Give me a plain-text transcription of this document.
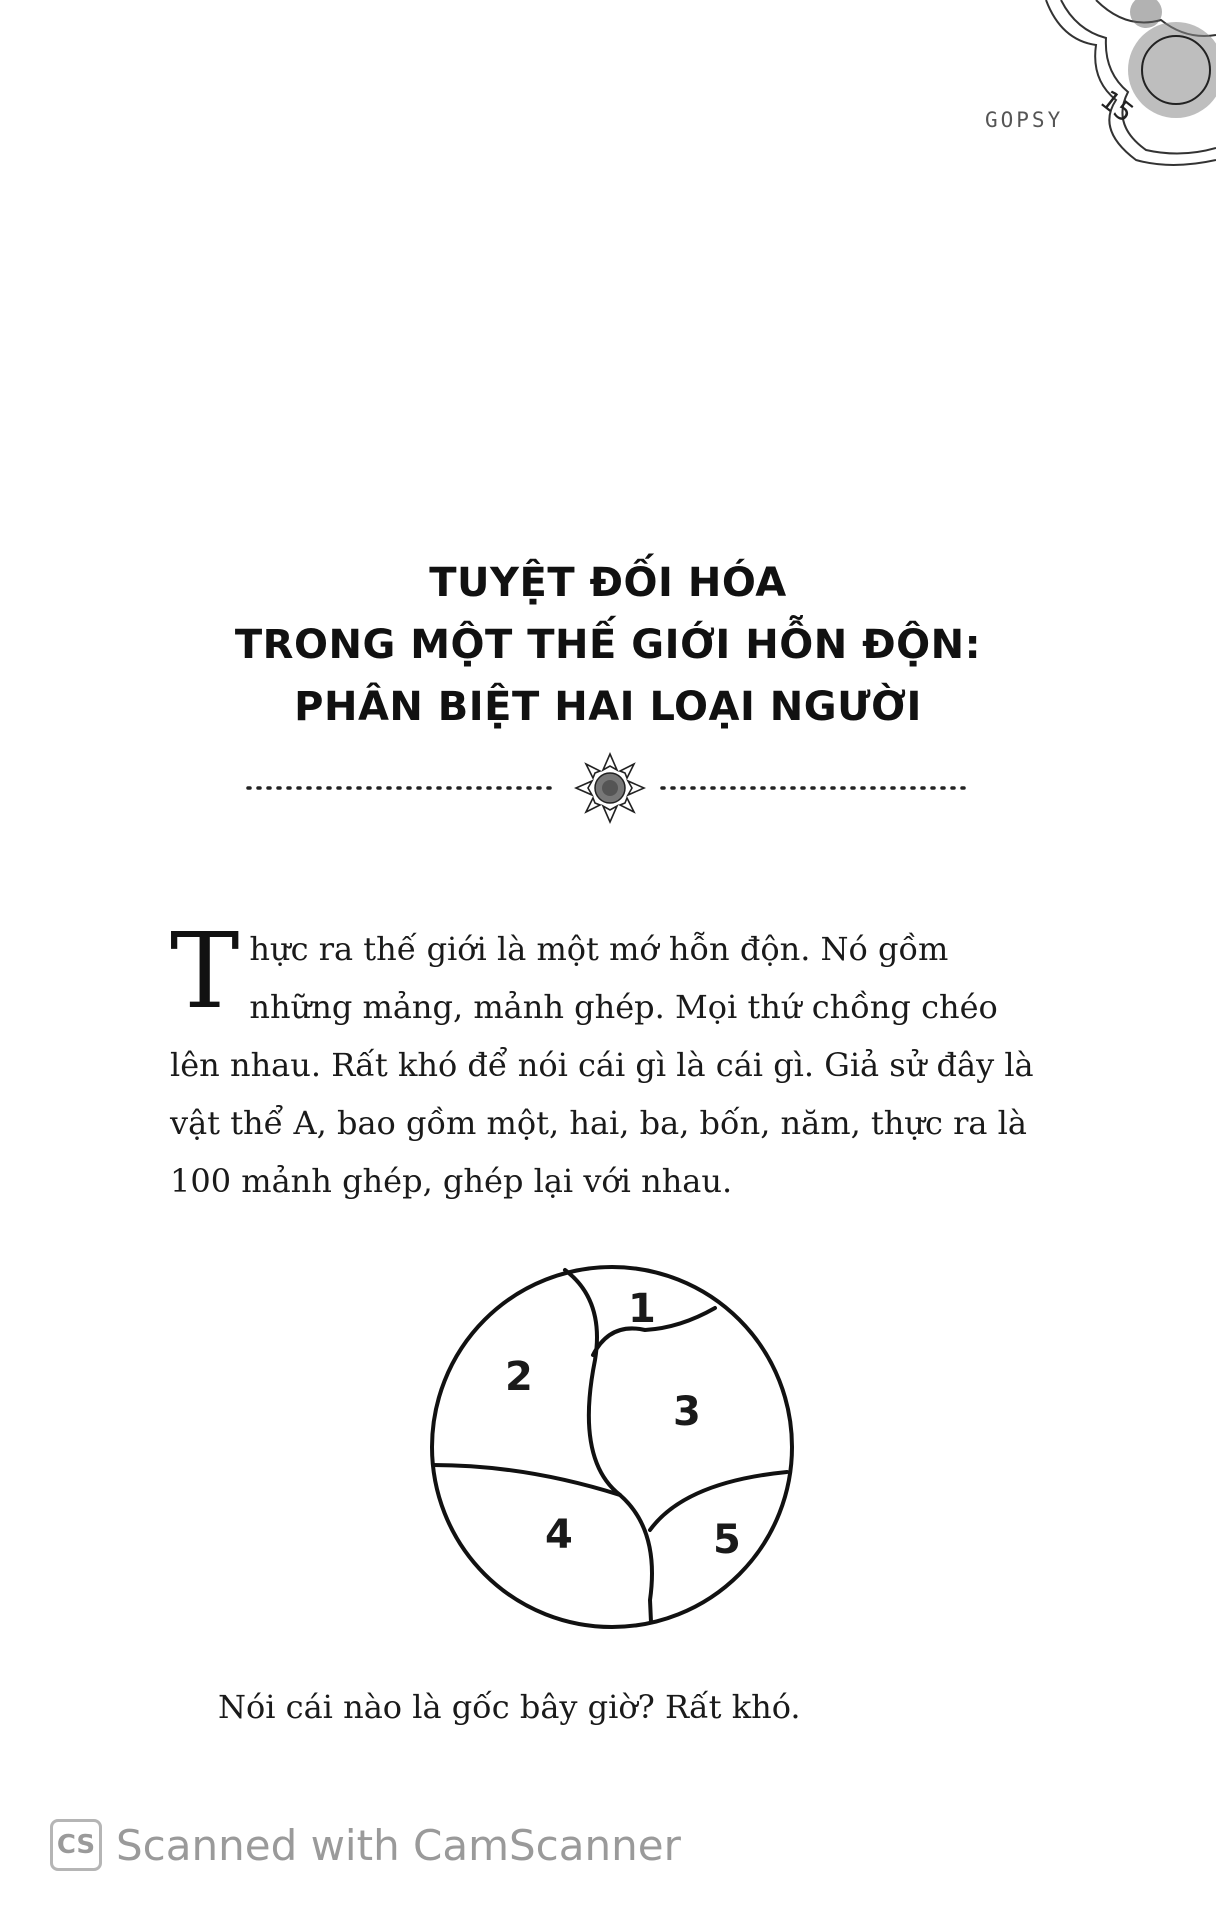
GOPSY 15
TUYỆT ĐỐI HÓA
TRONG MỘT THẾ GIỚI HỖN ĐỘN:
PHÂN BIỆT HAI LOẠI NGƯỜI
Thực ra thế giới là một mớ hỗn độn. Nó gồm những mảng, mảnh ghép. Mọi thứ chồng chéo lên nhau. Rất khó để nói cái gì là cái gì. Giả sử đây là vật thể A, bao gồm một, hai, ba, bốn, năm, thực ra là 100 mảnh ghép, ghép lại với nhau.
1
2
3
4	5
Nói cái nào là gốc bây giờ? Rất khó.
CS Scanned with CamScanner
